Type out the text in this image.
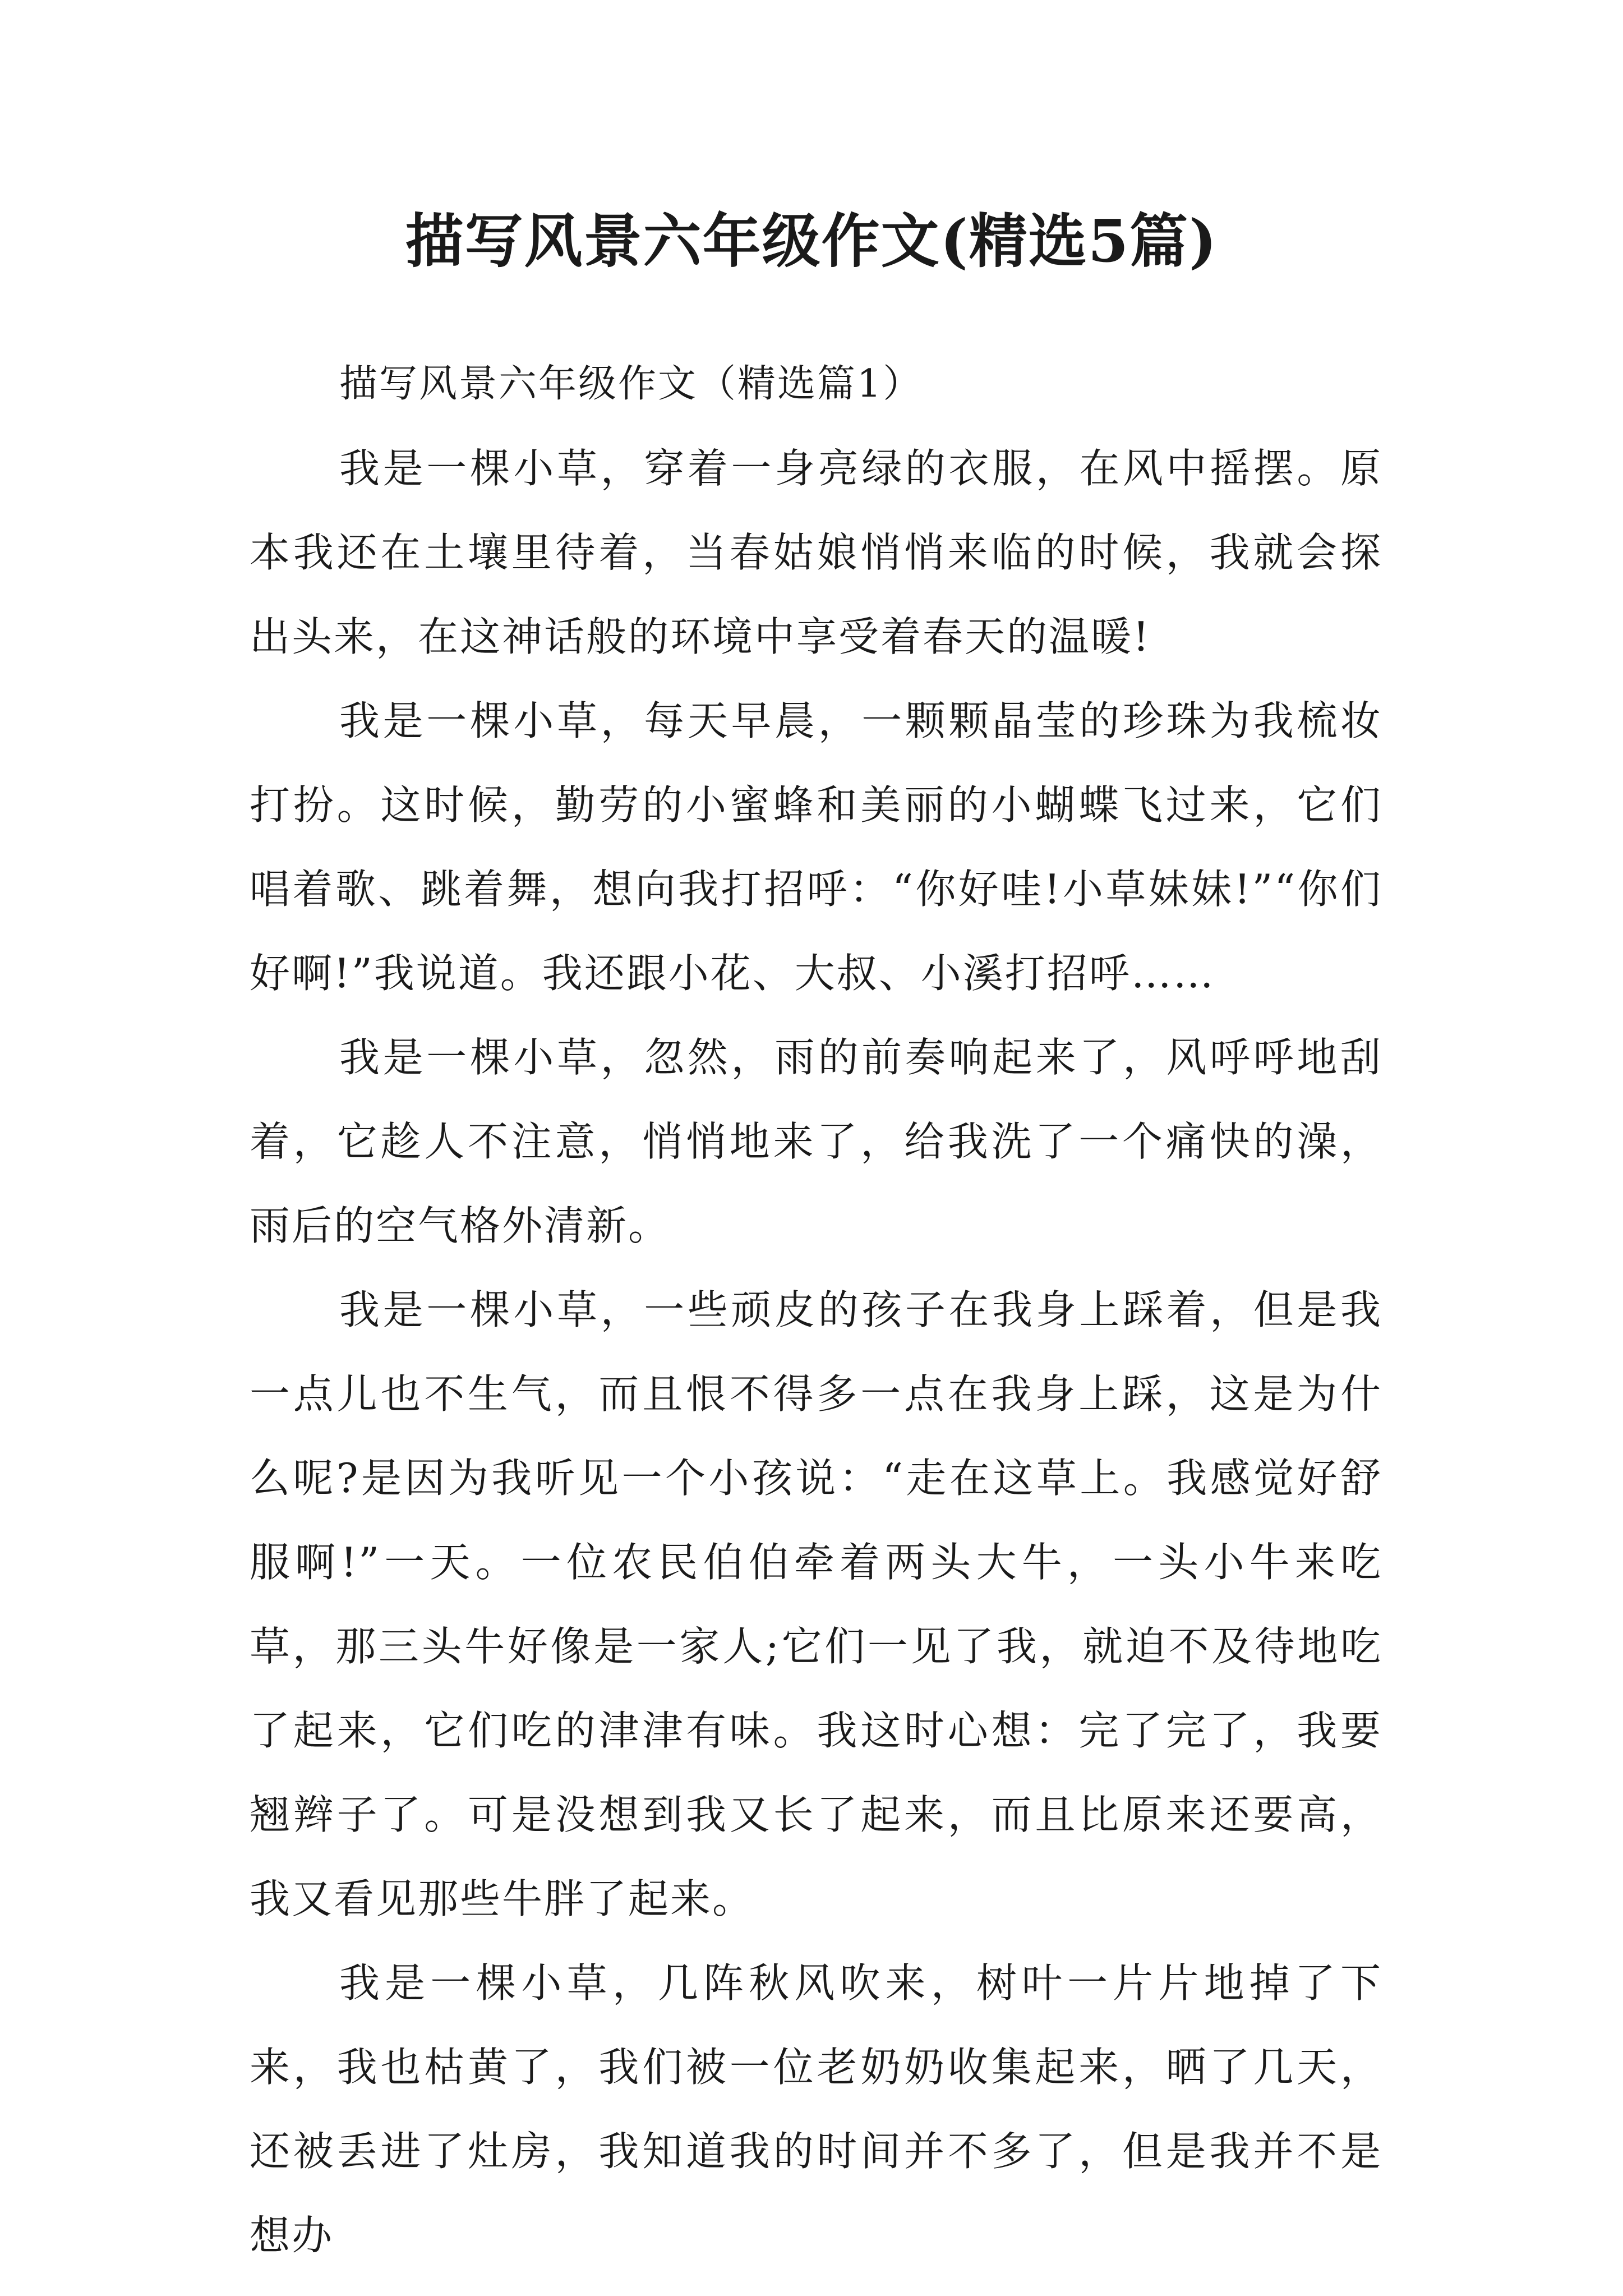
描写风景六年级作文(精选5篇)

描写风景六年级作文（精选篇1）

我是一棵小草，穿着一身亮绿的衣服，在风中摇摆。原本我还在土壤里待着，当春姑娘悄悄来临的时候，我就会探出头来，在这神话般的环境中享受着春天的温暖!

我是一棵小草，每天早晨，一颗颗晶莹的珍珠为我梳妆打扮。这时候，勤劳的小蜜蜂和美丽的小蝴蝶飞过来，它们唱着歌、跳着舞，想向我打招呼：“你好哇!小草妹妹!”“你们好啊!”我说道。我还跟小花、大叔、小溪打招呼……

我是一棵小草，忽然，雨的前奏响起来了，风呼呼地刮着，它趁人不注意，悄悄地来了，给我洗了一个痛快的澡，雨后的空气格外清新。

我是一棵小草，一些顽皮的孩子在我身上踩着，但是我一点儿也不生气，而且恨不得多一点在我身上踩，这是为什么呢?是因为我听见一个小孩说：“走在这草上。我感觉好舒服啊!”一天。一位农民伯伯牵着两头大牛，一头小牛来吃草，那三头牛好像是一家人;它们一见了我，就迫不及待地吃了起来，它们吃的津津有味。我这时心想：完了完了，我要翘辫子了。可是没想到我又长了起来，而且比原来还要高，我又看见那些牛胖了起来。

我是一棵小草，几阵秋风吹来，树叶一片片地掉了下来，我也枯黄了，我们被一位老奶奶收集起来，晒了几天，还被丢进了灶房，我知道我的时间并不多了，但是我并不是想办
